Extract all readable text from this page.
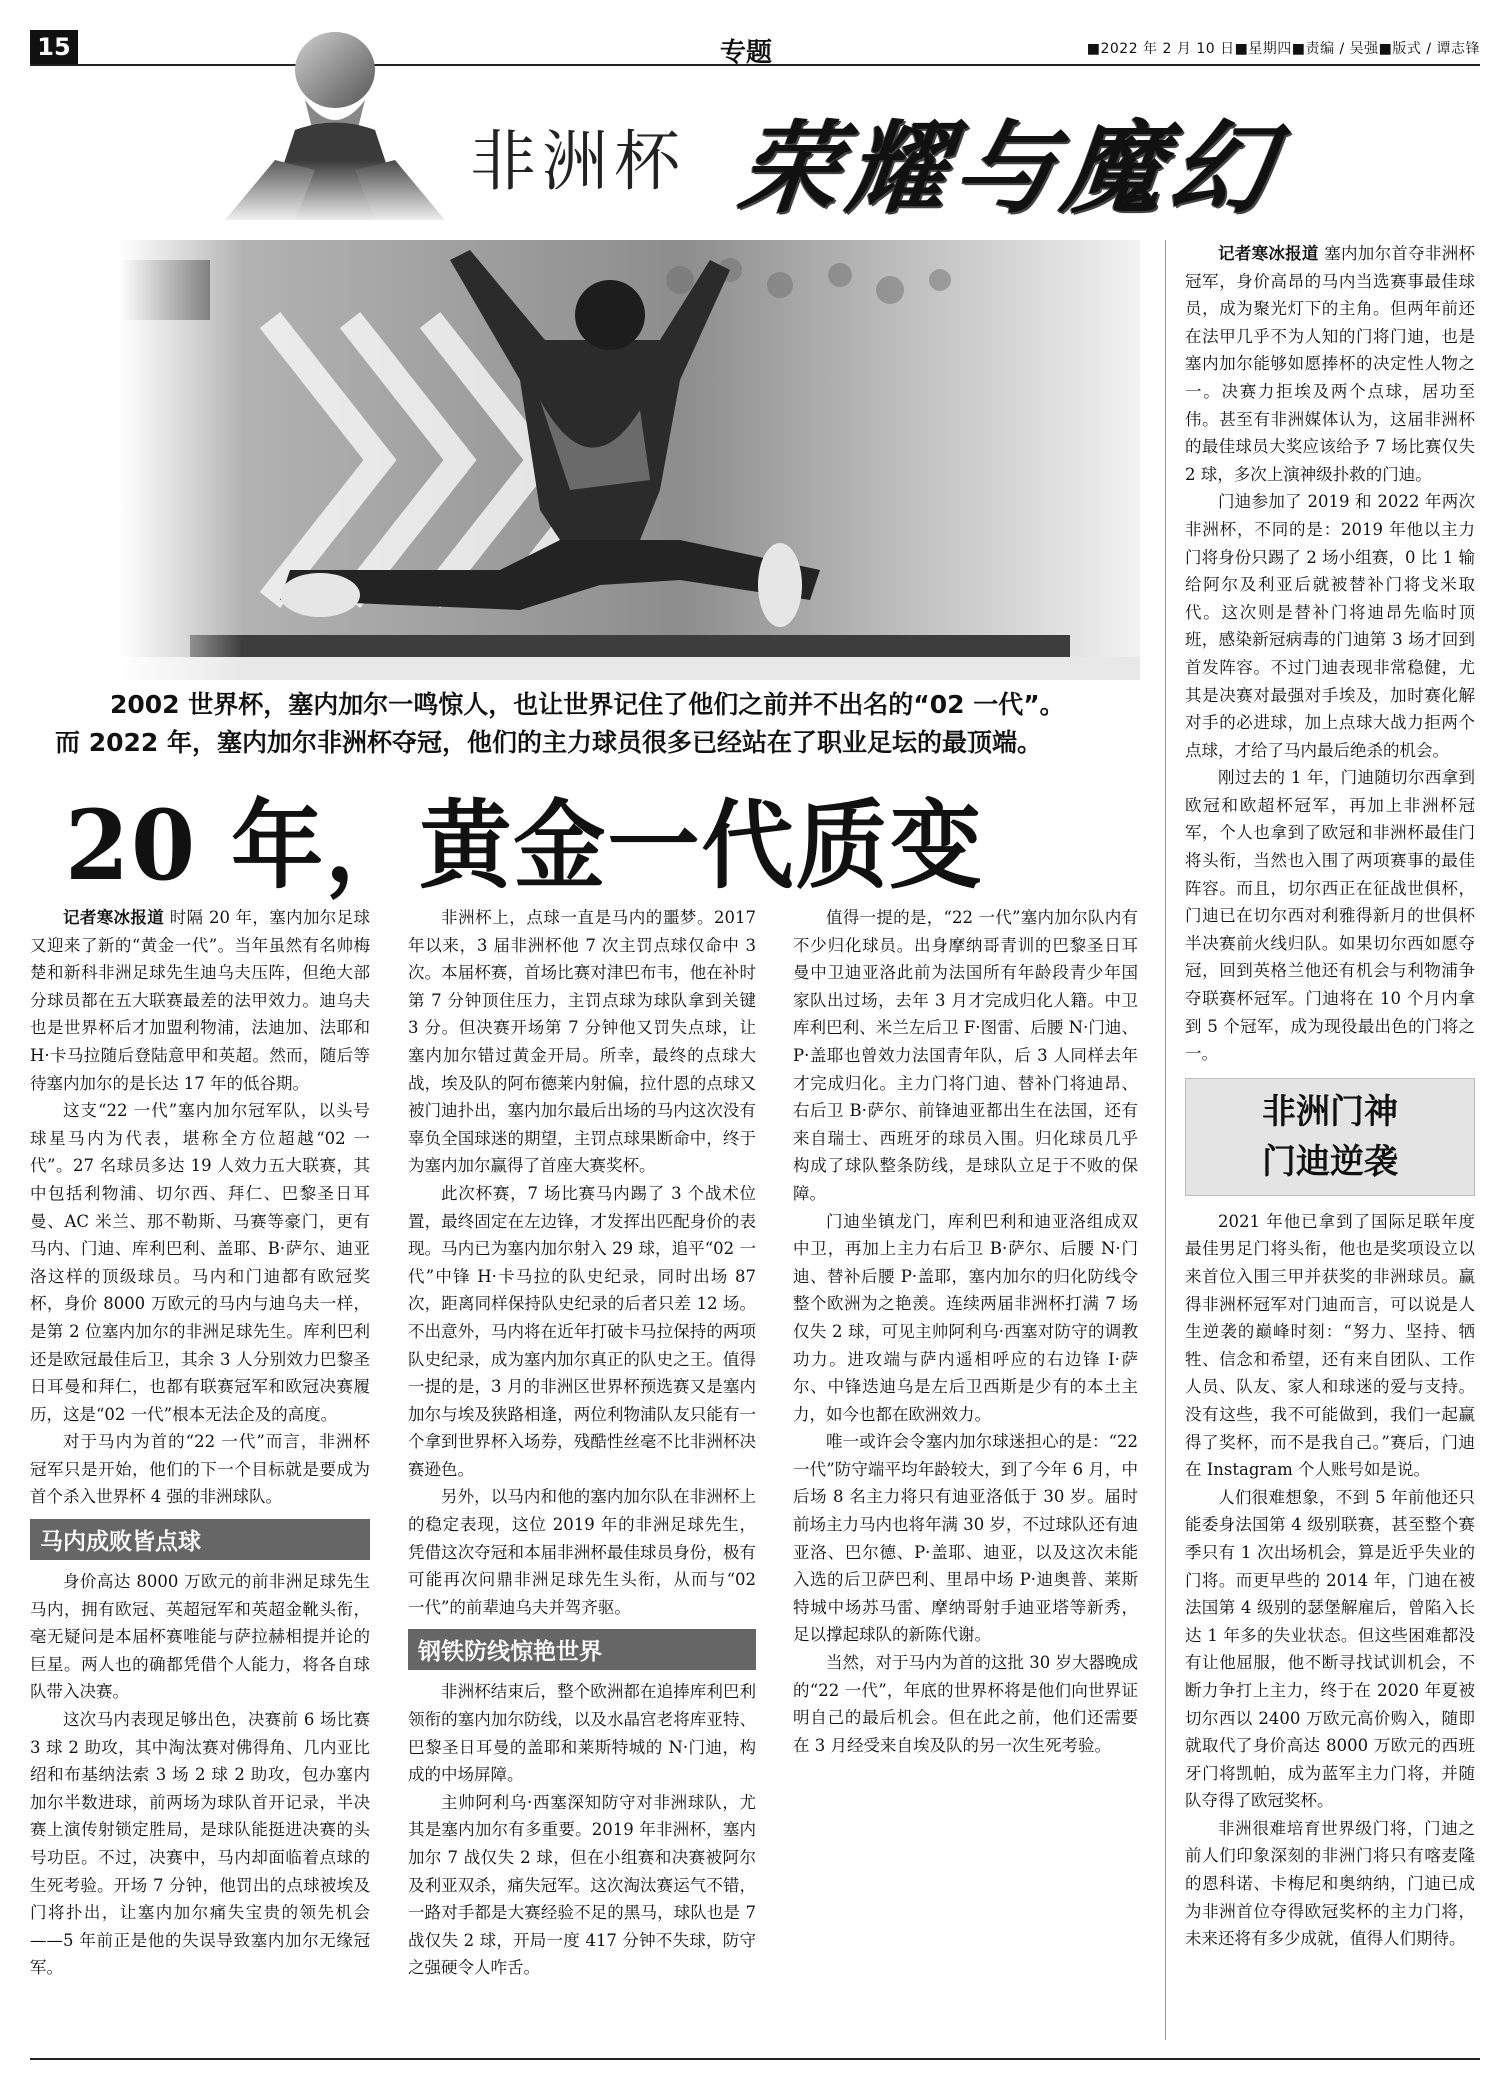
15	专题	■2022 年 2 月 10 日■星期四■责编 / 吴强■版式 / 谭志锋
非洲杯 荣耀与魔幻

2002 世界杯，塞内加尔一鸣惊人，也让世界记住了他们之前并不出名的“02 一代”。

而 2022 年，塞内加尔非洲杯夺冠，他们的主力球员很多已经站在了职业足坛的最顶端。

20 年，黄金一代质变

记者寒冰报道 时隔 20 年，塞内加尔足球又迎来了新的“黄金一代”。当年虽然有名帅梅楚和新科非洲足球先生迪乌夫压阵，但绝大部分球员都在五大联赛最差的法甲效力。迪乌夫也是世界杯后才加盟利物浦，法迪加、法耶和 H·卡马拉随后登陆意甲和英超。然而，随后等待塞内加尔的是长达 17 年的低谷期。

这支“22 一代”塞内加尔冠军队，以头号球星马内为代表，堪称全方位超越“02 一代”。27 名球员多达 19 人效力五大联赛，其中包括利物浦、切尔西、拜仁、巴黎圣日耳曼、AC 米兰、那不勒斯、马赛等豪门，更有马内、门迪、库利巴利、盖耶、B·萨尔、迪亚洛这样的顶级球员。马内和门迪都有欧冠奖杯，身价 8000 万欧元的马内与迪乌夫一样，是第 2 位塞内加尔的非洲足球先生。库利巴利还是欧冠最佳后卫，其余 3 人分别效力巴黎圣日耳曼和拜仁，也都有联赛冠军和欧冠决赛履历，这是“02 一代”根本无法企及的高度。

对于马内为首的“22 一代”而言，非洲杯冠军只是开始，他们的下一个目标就是要成为首个杀入世界杯 4 强的非洲球队。

马内成败皆点球

身价高达 8000 万欧元的前非洲足球先生马内，拥有欧冠、英超冠军和英超金靴头衔，毫无疑问是本届杯赛唯能与萨拉赫相提并论的巨星。两人也的确都凭借个人能力，将各自球队带入决赛。

这次马内表现足够出色，决赛前 6 场比赛 3 球 2 助攻，其中淘汰赛对佛得角、几内亚比绍和布基纳法索 3 场 2 球 2 助攻，包办塞内加尔半数进球，前两场为球队首开记录，半决赛上演传射锁定胜局，是球队能挺进决赛的头号功臣。不过，决赛中，马内却面临着点球的生死考验。开场 7 分钟，他罚出的点球被埃及门将扑出，让塞内加尔痛失宝贵的领先机会——5 年前正是他的失误导致塞内加尔无缘冠军。

非洲杯上，点球一直是马内的噩梦。2017 年以来，3 届非洲杯他 7 次主罚点球仅命中 3 次。本届杯赛，首场比赛对津巴布韦，他在补时第 7 分钟顶住压力，主罚点球为球队拿到关键 3 分。但决赛开场第 7 分钟他又罚失点球，让塞内加尔错过黄金开局。所幸，最终的点球大战，埃及队的阿布德莱内射偏，拉什恩的点球又被门迪扑出，塞内加尔最后出场的马内这次没有辜负全国球迷的期望，主罚点球果断命中，终于为塞内加尔赢得了首座大赛奖杯。

此次杯赛，7 场比赛马内踢了 3 个战术位置，最终固定在左边锋，才发挥出匹配身价的表现。马内已为塞内加尔射入 29 球，追平“02 一代”中锋 H·卡马拉的队史纪录，同时出场 87 次，距离同样保持队史纪录的后者只差 12 场。不出意外，马内将在近年打破卡马拉保持的两项队史纪录，成为塞内加尔真正的队史之王。值得一提的是，3 月的非洲区世界杯预选赛又是塞内加尔与埃及狭路相逢，两位利物浦队友只能有一个拿到世界杯入场券，残酷性丝毫不比非洲杯决赛逊色。

另外，以马内和他的塞内加尔队在非洲杯上的稳定表现，这位 2019 年的非洲足球先生，凭借这次夺冠和本届非洲杯最佳球员身份，极有可能再次问鼎非洲足球先生头衔，从而与“02 一代”的前辈迪乌夫并驾齐驱。

钢铁防线惊艳世界

非洲杯结束后，整个欧洲都在追捧库利巴利领衔的塞内加尔防线，以及水晶宫老将库亚特、巴黎圣日耳曼的盖耶和莱斯特城的 N·门迪，构成的中场屏障。

主帅阿利乌·西塞深知防守对非洲球队，尤其是塞内加尔有多重要。2019 年非洲杯，塞内加尔 7 战仅失 2 球，但在小组赛和决赛被阿尔及利亚双杀，痛失冠军。这次淘汰赛运气不错，一路对手都是大赛经验不足的黑马，球队也是 7 战仅失 2 球，开局一度 417 分钟不失球，防守之强硬令人咋舌。

值得一提的是，“22 一代”塞内加尔队内有不少归化球员。出身摩纳哥青训的巴黎圣日耳曼中卫迪亚洛此前为法国所有年龄段青少年国家队出过场，去年 3 月才完成归化人籍。中卫库利巴利、米兰左后卫 F·图雷、后腰 N·门迪、P·盖耶也曾效力法国青年队，后 3 人同样去年才完成归化。主力门将门迪、替补门将迪昂、右后卫 B·萨尔、前锋迪亚都出生在法国，还有来自瑞士、西班牙的球员入围。归化球员几乎构成了球队整条防线，是球队立足于不败的保障。

门迪坐镇龙门，库利巴利和迪亚洛组成双中卫，再加上主力右后卫 B·萨尔、后腰 N·门迪、替补后腰 P·盖耶，塞内加尔的归化防线令整个欧洲为之艳羡。连续两届非洲杯打满 7 场仅失 2 球，可见主帅阿利乌·西塞对防守的调教功力。进攻端与萨内遥相呼应的右边锋 I·萨尔、中锋迭迪乌是左后卫西斯是少有的本土主力，如今也都在欧洲效力。

唯一或许会令塞内加尔球迷担心的是：“22 一代”防守端平均年龄较大，到了今年 6 月，中后场 8 名主力将只有迪亚洛低于 30 岁。届时前场主力马内也将年满 30 岁，不过球队还有迪亚洛、巴尔德、P·盖耶、迪亚，以及这次未能入选的后卫萨巴利、里昂中场 P·迪奥普、莱斯特城中场苏马雷、摩纳哥射手迪亚塔等新秀，足以撑起球队的新陈代谢。

当然，对于马内为首的这批 30 岁大器晚成的“22 一代”，年底的世界杯将是他们向世界证明自己的最后机会。但在此之前，他们还需要在 3 月经受来自埃及队的另一次生死考验。

记者寒冰报道 塞内加尔首夺非洲杯冠军，身价高昂的马内当选赛事最佳球员，成为聚光灯下的主角。但两年前还在法甲几乎不为人知的门将门迪，也是塞内加尔能够如愿捧杯的决定性人物之一。决赛力拒埃及两个点球，居功至伟。甚至有非洲媒体认为，这届非洲杯的最佳球员大奖应该给予 7 场比赛仅失 2 球，多次上演神级扑救的门迪。

门迪参加了 2019 和 2022 年两次非洲杯，不同的是：2019 年他以主力门将身份只踢了 2 场小组赛，0 比 1 输给阿尔及利亚后就被替补门将戈米取代。这次则是替补门将迪昂先临时顶班，感染新冠病毒的门迪第 3 场才回到首发阵容。不过门迪表现非常稳健，尤其是决赛对最强对手埃及，加时赛化解对手的必进球，加上点球大战力拒两个点球，才给了马内最后绝杀的机会。

刚过去的 1 年，门迪随切尔西拿到欧冠和欧超杯冠军，再加上非洲杯冠军，个人也拿到了欧冠和非洲杯最佳门将头衔，当然也入围了两项赛事的最佳阵容。而且，切尔西正在征战世俱杯，门迪已在切尔西对利雅得新月的世俱杯半决赛前火线归队。如果切尔西如愿夺冠，回到英格兰他还有机会与利物浦争夺联赛杯冠军。门迪将在 10 个月内拿到 5 个冠军，成为现役最出色的门将之一。

非洲门神
门迪逆袭

2021 年他已拿到了国际足联年度最佳男足门将头衔，他也是奖项设立以来首位入围三甲并获奖的非洲球员。赢得非洲杯冠军对门迪而言，可以说是人生逆袭的巅峰时刻：“努力、坚持、牺牲、信念和希望，还有来自团队、工作人员、队友、家人和球迷的爱与支持。没有这些，我不可能做到，我们一起赢得了奖杯，而不是我自己。”赛后，门迪在 Instagram 个人账号如是说。

人们很难想象，不到 5 年前他还只能委身法国第 4 级别联赛，甚至整个赛季只有 1 次出场机会，算是近乎失业的门将。而更早些的 2014 年，门迪在被法国第 4 级别的瑟堡解雇后，曾陷入长达 1 年多的失业状态。但这些困难都没有让他屈服，他不断寻找试训机会，不断力争打上主力，终于在 2020 年夏被切尔西以 2400 万欧元高价购入，随即就取代了身价高达 8000 万欧元的西班牙门将凯帕，成为蓝军主力门将，并随队夺得了欧冠奖杯。

非洲很难培育世界级门将，门迪之前人们印象深刻的非洲门将只有喀麦隆的恩科诺、卡梅尼和奥纳纳，门迪已成为非洲首位夺得欧冠奖杯的主力门将，未来还将有多少成就，值得人们期待。
